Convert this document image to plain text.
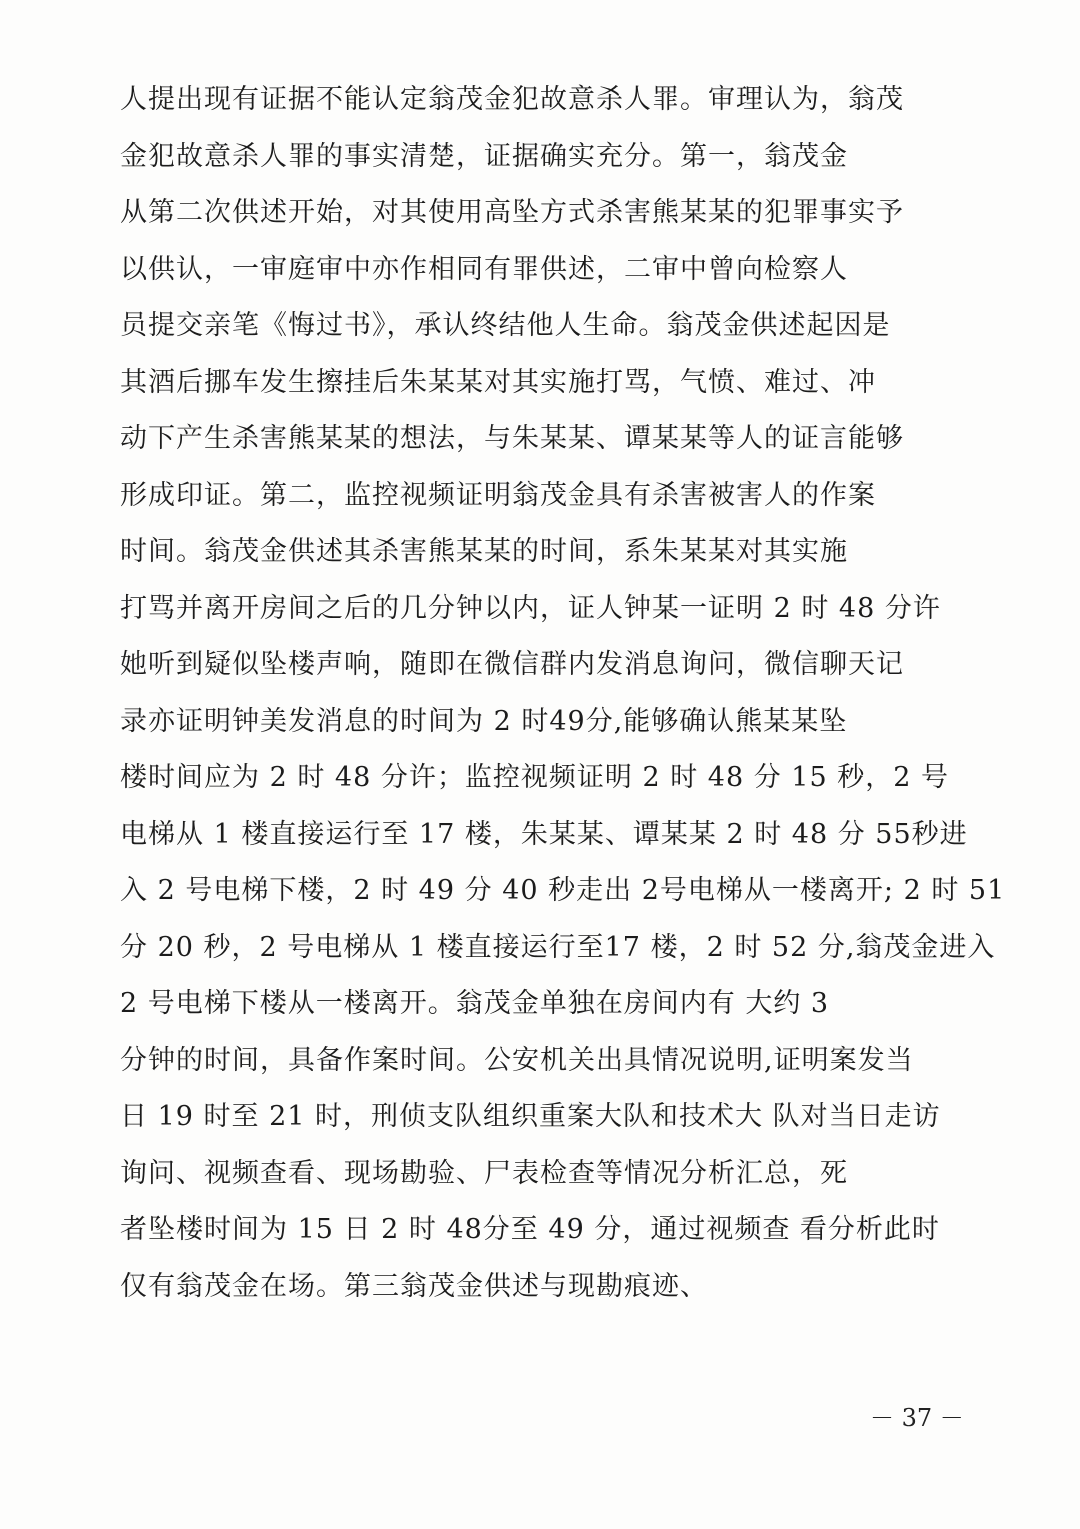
人提出现有证据不能认定翁茂金犯故意杀人罪。审理认为，翁茂
金犯故意杀人罪的事实清楚，证据确实充分。第一，翁茂金
从第二次供述开始，对其使用高坠方式杀害熊某某的犯罪事实予
以供认，一审庭审中亦作相同有罪供述，二审中曾向检察人
员提交亲笔《悔过书》，承认终结他人生命。翁茂金供述起因是
其酒后挪车发生擦挂后朱某某对其实施打骂，气愤、难过、冲
动下产生杀害熊某某的想法，与朱某某、谭某某等人的证言能够
形成印证。第二，监控视频证明翁茂金具有杀害被害人的作案
时间。翁茂金供述其杀害熊某某的时间，系朱某某对其实施
打骂并离开房间之后的几分钟以内，证人钟某一证明 2 时 48 分许
她听到疑似坠楼声响，随即在微信群内发消息询问，微信聊天记
录亦证明钟美发消息的时间为 2 时49分,能够确认熊某某坠
楼时间应为 2 时 48 分许；监控视频证明 2 时 48 分 15 秒，2 号
电梯从 1 楼直接运行至 17 楼，朱某某、谭某某 2 时 48 分 55秒进
入 2 号电梯下楼，2 时 49 分 40 秒走出 2号电梯从一楼离开; 2 时 51
分 20 秒，2 号电梯从 1 楼直接运行至17 楼，2 时 52 分,翁茂金进入
2 号电梯下楼从一楼离开。翁茂金单独在房间内有 大约 3
分钟的时间，具备作案时间。公安机关出具情况说明,证明案发当
日 19 时至 21 时，刑侦支队组织重案大队和技术大 队对当日走访
询问、视频查看、现场勘验、尸表检查等情况分析汇总，死
者坠楼时间为 15 日 2 时 48分至 49 分，通过视频查 看分析此时
仅有翁茂金在场。第三翁茂金供述与现勘痕迹、
－ 37 －
